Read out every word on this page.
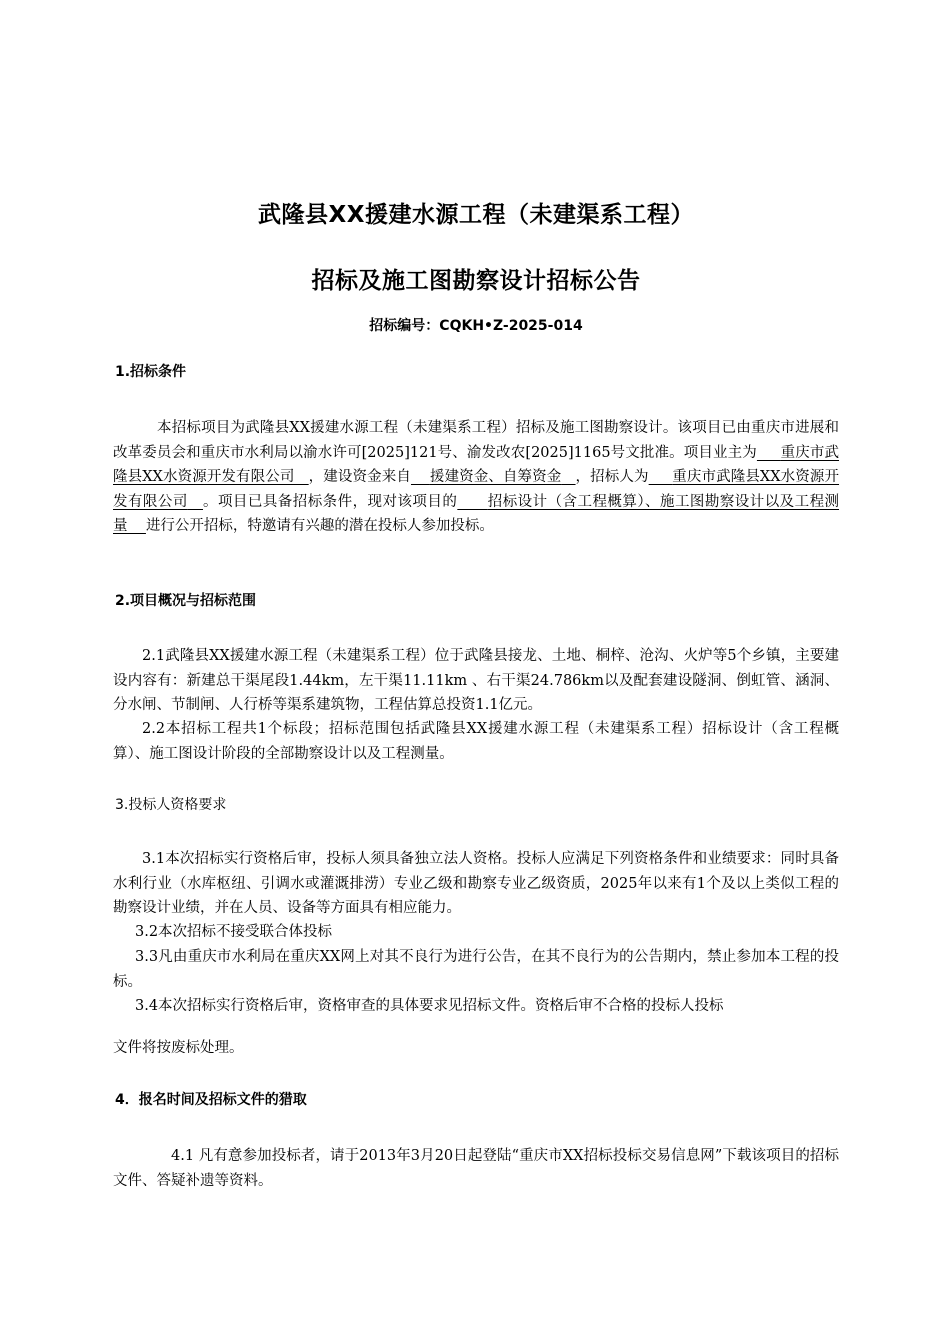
武隆县XX援建水源工程（未建渠系工程）
招标及施工图勘察设计招标公告
招标编号：CQKH•Z-2025-014
1.招标条件
本招标项目为武隆县XX援建水源工程（未建渠系工程）招标及施工图勘察设计。该项目已由重庆市进展和改革委员会和重庆市水利局以渝水许可[2025]121号、渝发改农[2025]1165号文批准。项目业主为 重庆市武隆县XX水资源开发有限公司 ，建设资金来自 援建资金、自筹资金 ，招标人为 重庆市武隆县XX水资源开发有限公司 。项目已具备招标条件，现对该项目的 招标设计（含工程概算）、施工图勘察设计以及工程测量 进行公开招标，特邀请有兴趣的潜在投标人参加投标。
2.项目概况与招标范围
2.1武隆县XX援建水源工程（未建渠系工程）位于武隆县接龙、土地、桐梓、沧沟、火炉等5个乡镇，主要建设内容有：新建总干渠尾段1.44km，左干渠11.11km 、右干渠24.786km以及配套建设隧洞、倒虹管、涵洞、分水闸、节制闸、人行桥等渠系建筑物，工程估算总投资1.1亿元。
2.2本招标工程共1个标段；招标范围包括武隆县XX援建水源工程（未建渠系工程）招标设计（含工程概算）、施工图设计阶段的全部勘察设计以及工程测量。
3.投标人资格要求
3.1本次招标实行资格后审，投标人须具备独立法人资格。投标人应满足下列资格条件和业绩要求：同时具备水利行业（水库枢纽、引调水或灌溉排涝）专业乙级和勘察专业乙级资质，2025年以来有1个及以上类似工程的勘察设计业绩，并在人员、设备等方面具有相应能力。
3.2本次招标不接受联合体投标
3.3凡由重庆市水利局在重庆XX网上对其不良行为进行公告，在其不良行为的公告期内，禁止参加本工程的投标。
3.4本次招标实行资格后审，资格审查的具体要求见招标文件。资格后审不合格的投标人投标
文件将按废标处理。
4．报名时间及招标文件的猎取
4.1 凡有意参加投标者，请于2013年3月20日起登陆“重庆市XX招标投标交易信息网”下载该项目的招标文件、答疑补遗等资料。
